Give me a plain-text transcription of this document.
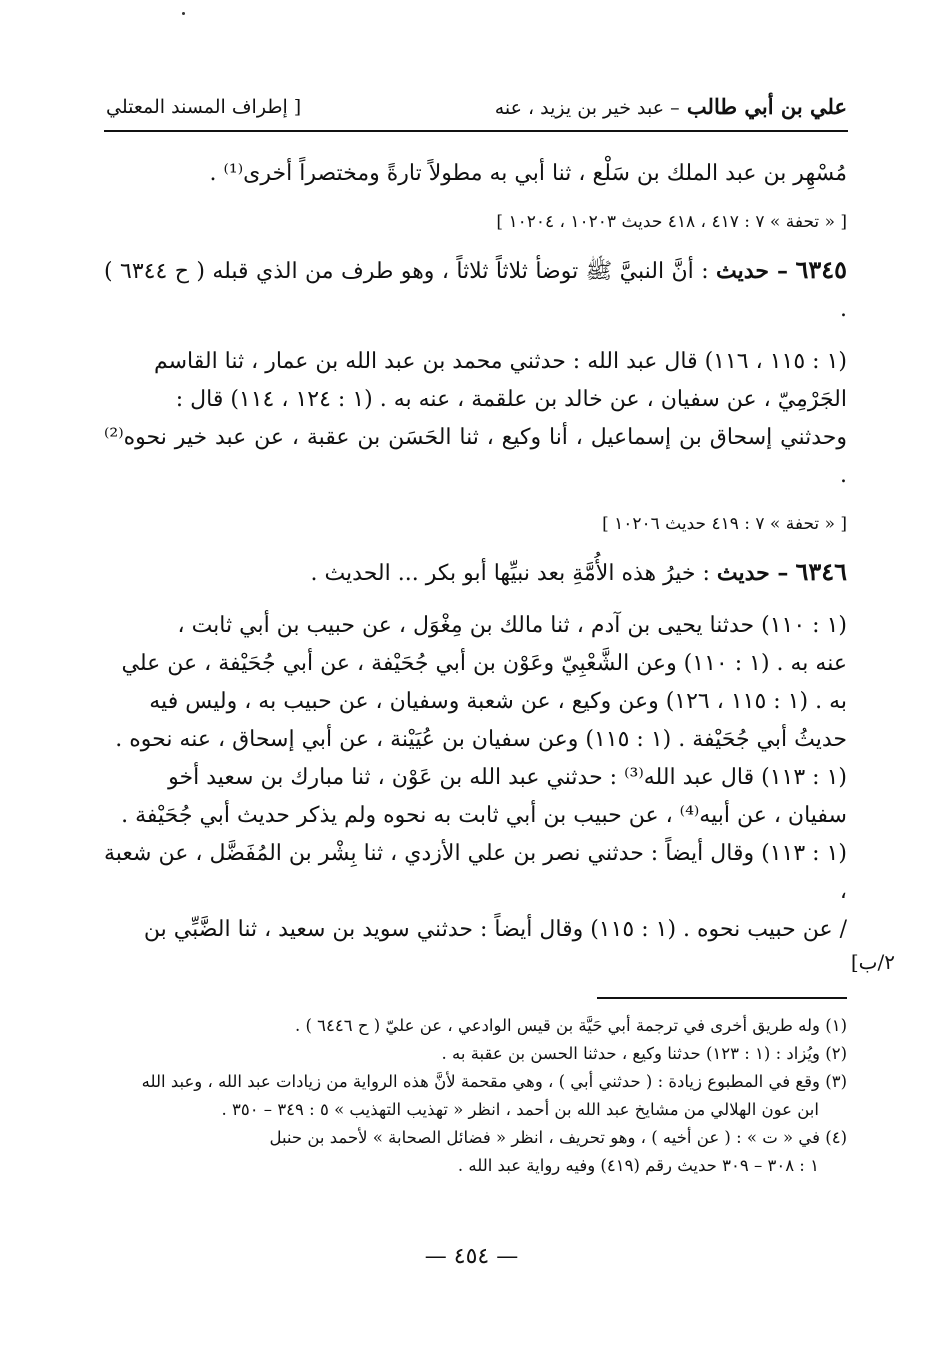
علي بن أبي طالب – عبد خير بن يزيد ، عنه
[ إطراف المسند المعتلي

مُسْهِر بن عبد الملك بن سَلْع ، ثنا أبي به مطولاً تارةً ومختصراً أخرى⁽¹⁾ .

[ « تحفة » ٧ : ٤١٧ ، ٤١٨ حديث ١٠٢٠٣ ، ١٠٢٠٤ ]

٦٣٤٥ – حديث : أنَّ النبيَّ ﷺ توضأ ثلاثاً ثلاثاً ، وهو طرف من الذي قبله ( ح ٦٣٤٤ ) .

(١ : ١١٥ ، ١١٦) قال عبد الله : حدثني محمد بن عبد الله بن عمار ، ثنا القاسم

الجَرْمِيّ ، عن سفيان ، عن خالد بن علقمة ، عنه به . (١ : ١٢٤ ، ١١٤) قال :

وحدثني إسحاق بن إسماعيل ، أنا وكيع ، ثنا الحَسَن بن عقبة ، عن عبد خير نحوه⁽²⁾ .

[ « تحفة » ٧ : ٤١٩ حديث ١٠٢٠٦ ]

٦٣٤٦ – حديث : خيرُ هذه الأُمَّةِ بعد نبيِّها أبو بكر ... الحديث .

(١ : ١١٠) حدثنا يحيى بن آدم ، ثنا مالك بن مِغْوَل ، عن حبيب بن أبي ثابت ،

عنه به . (١ : ١١٠) وعن الشَّعْبِيّ وعَوْن بن أبي جُحَيْفة ، عن أبي جُحَيْفة ، عن علي

به . (١ : ١١٥ ، ١٢٦) وعن وكيع ، عن شعبة وسفيان ، عن حبيب به ، وليس فيه

حديثُ أبي جُحَيْفة . (١ : ١١٥) وعن سفيان بن عُيَيْنة ، عن أبي إسحاق ، عنه نحوه .

(١ : ١١٣) قال عبد الله⁽³⁾ : حدثني عبد الله بن عَوْن ، ثنا مبارك بن سعيد أخو

سفيان ، عن أبيه⁽⁴⁾ ، عن حبيب بن أبي ثابت به نحوه ولم يذكر حديث أبي جُحَيْفة .

(١ : ١١٣) وقال أيضاً : حدثني نصر بن علي الأزدي ، ثنا بِشْر بن المُفَضَّل ، عن شعبة ،

/ عن حبيب نحوه . (١ : ١١٥) وقال أيضاً : حدثني سويد بن سعيد ، ثنا الضَّبِّي بن

٢/ب]

(١) وله طريق أخرى في ترجمة أبي حَيَّة بن قيس الوادعي ، عن عليّ ( ح ٦٤٤٦ ) .

(٢) ويُزاد : (١ : ١٢٣) حدثنا وكيع ، حدثنا الحسن بن عقبة به .

(٣) وقع في المطبوع زيادة : ( حدثني أبي ) ، وهي مقحمة لأنَّ هذه الرواية من زيادات عبد الله ، وعبد الله

ابن عون الهلالي من مشايخ عبد الله بن أحمد ، انظر « تهذيب التهذيب » ٥ : ٣٤٩ – ٣٥٠ .

(٤) في « ت » : ( عن أخيه ) ، وهو تحريف ، انظر « فضائل الصحابة » لأحمد بن حنبل

١ : ٣٠٨ – ٣٠٩ حديث رقم (٤١٩) وفيه رواية عبد الله .

— ٤٥٤ —
